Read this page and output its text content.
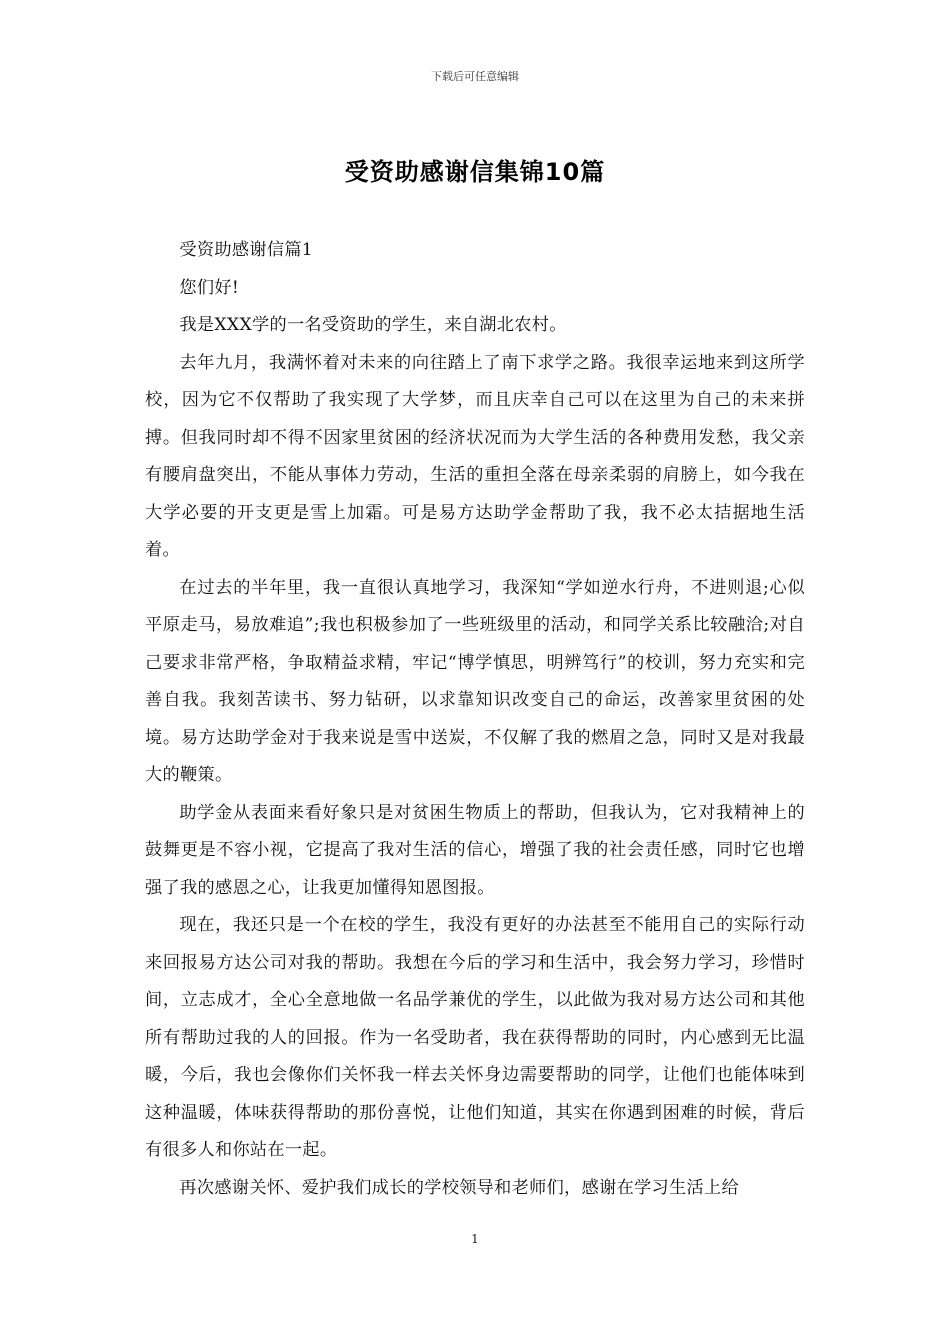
下载后可任意编辑
受资助感谢信集锦10篇

受资助感谢信篇1

您们好!

我是XXX学的一名受资助的学生，来自湖北农村。

去年九月，我满怀着对未来的向往踏上了南下求学之路。我很幸运地来到这所学校，因为它不仅帮助了我实现了大学梦，而且庆幸自己可以在这里为自己的未来拼搏。但我同时却不得不因家里贫困的经济状况而为大学生活的各种费用发愁，我父亲有腰肩盘突出，不能从事体力劳动，生活的重担全落在母亲柔弱的肩膀上，如今我在大学必要的开支更是雪上加霜。可是易方达助学金帮助了我，我不必太拮据地生活着。

在过去的半年里，我一直很认真地学习，我深知“学如逆水行舟，不进则退;心似平原走马，易放难追”;我也积极参加了一些班级里的活动，和同学关系比较融洽;对自己要求非常严格，争取精益求精，牢记“博学慎思，明辨笃行”的校训，努力充实和完善自我。我刻苦读书、努力钻研，以求靠知识改变自己的命运，改善家里贫困的处境。易方达助学金对于我来说是雪中送炭，不仅解了我的燃眉之急，同时又是对我最大的鞭策。

助学金从表面来看好象只是对贫困生物质上的帮助，但我认为，它对我精神上的鼓舞更是不容小视，它提高了我对生活的信心，增强了我的社会责任感，同时它也增强了我的感恩之心，让我更加懂得知恩图报。

现在，我还只是一个在校的学生，我没有更好的办法甚至不能用自己的实际行动来回报易方达公司对我的帮助。我想在今后的学习和生活中，我会努力学习，珍惜时间，立志成才，全心全意地做一名品学兼优的学生，以此做为我对易方达公司和其他所有帮助过我的人的回报。作为一名受助者，我在获得帮助的同时，内心感到无比温暖，今后，我也会像你们关怀我一样去关怀身边需要帮助的同学，让他们也能体味到这种温暖，体味获得帮助的那份喜悦，让他们知道，其实在你遇到困难的时候，背后有很多人和你站在一起。

再次感谢关怀、爱护我们成长的学校领导和老师们，感谢在学习生活上给

1
